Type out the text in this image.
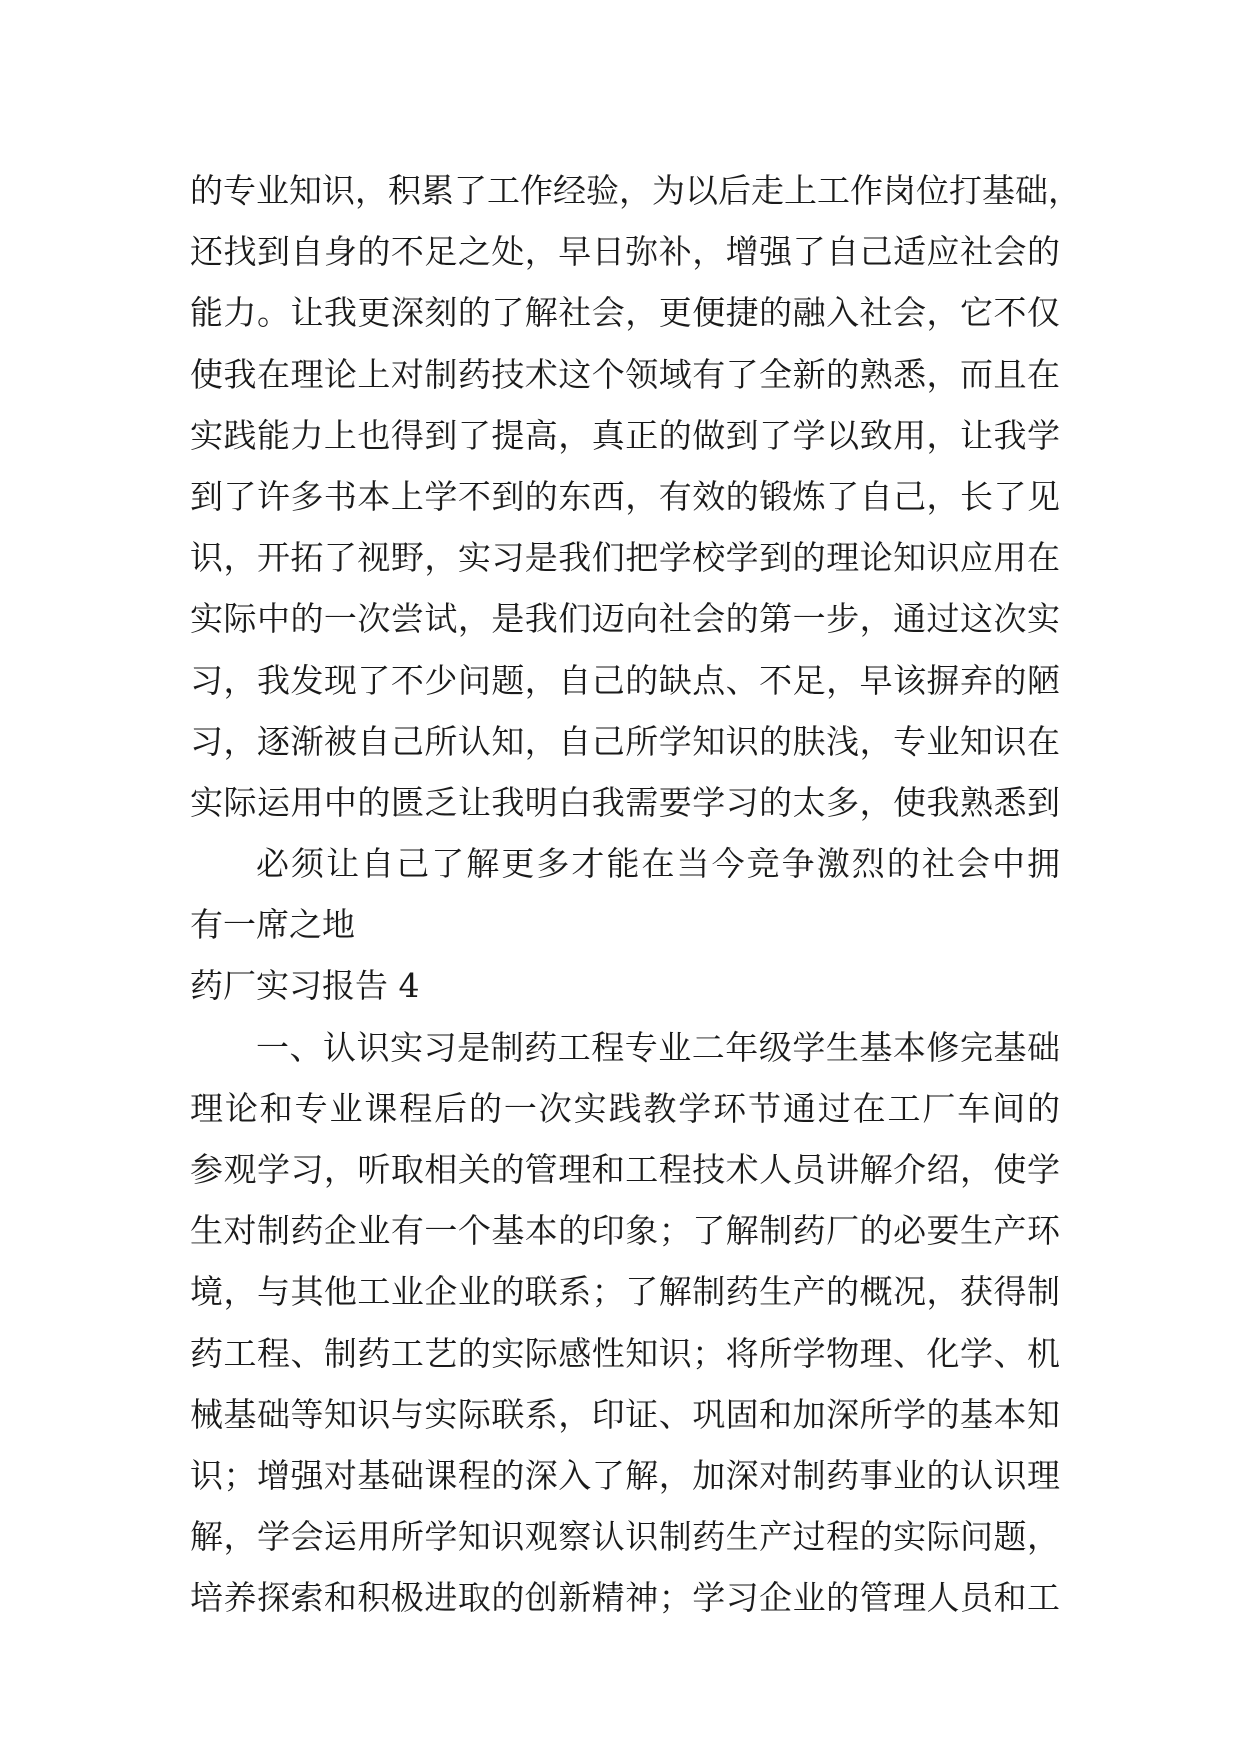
的专业知识，积累了工作经验，为以后走上工作岗位打基础，
还找到自身的不足之处，早日弥补，增强了自己适应社会的
能力。让我更深刻的了解社会，更便捷的融入社会，它不仅
使我在理论上对制药技术这个领域有了全新的熟悉，而且在
实践能力上也得到了提高，真正的做到了学以致用，让我学
到了许多书本上学不到的东西，有效的锻炼了自己，长了见
识，开拓了视野，实习是我们把学校学到的理论知识应用在
实际中的一次尝试，是我们迈向社会的第一步，通过这次实
习，我发现了不少问题，自己的缺点、不足，早该摒弃的陋
习，逐渐被自己所认知，自己所学知识的肤浅，专业知识在
实际运用中的匮乏让我明白我需要学习的太多，使我熟悉到
必须让自己了解更多才能在当今竞争激烈的社会中拥
有一席之地
药厂实习报告 4
一、认识实习是制药工程专业二年级学生基本修完基础
理论和专业课程后的一次实践教学环节通过在工厂车间的
参观学习，听取相关的管理和工程技术人员讲解介绍，使学
生对制药企业有一个基本的印象；了解制药厂的必要生产环
境，与其他工业企业的联系；了解制药生产的概况，获得制
药工程、制药工艺的实际感性知识；将所学物理、化学、机
械基础等知识与实际联系，印证、巩固和加深所学的基本知
识；增强对基础课程的深入了解，加深对制药事业的认识理
解，学会运用所学知识观察认识制药生产过程的实际问题，
培养探索和积极进取的创新精神；学习企业的管理人员和工
